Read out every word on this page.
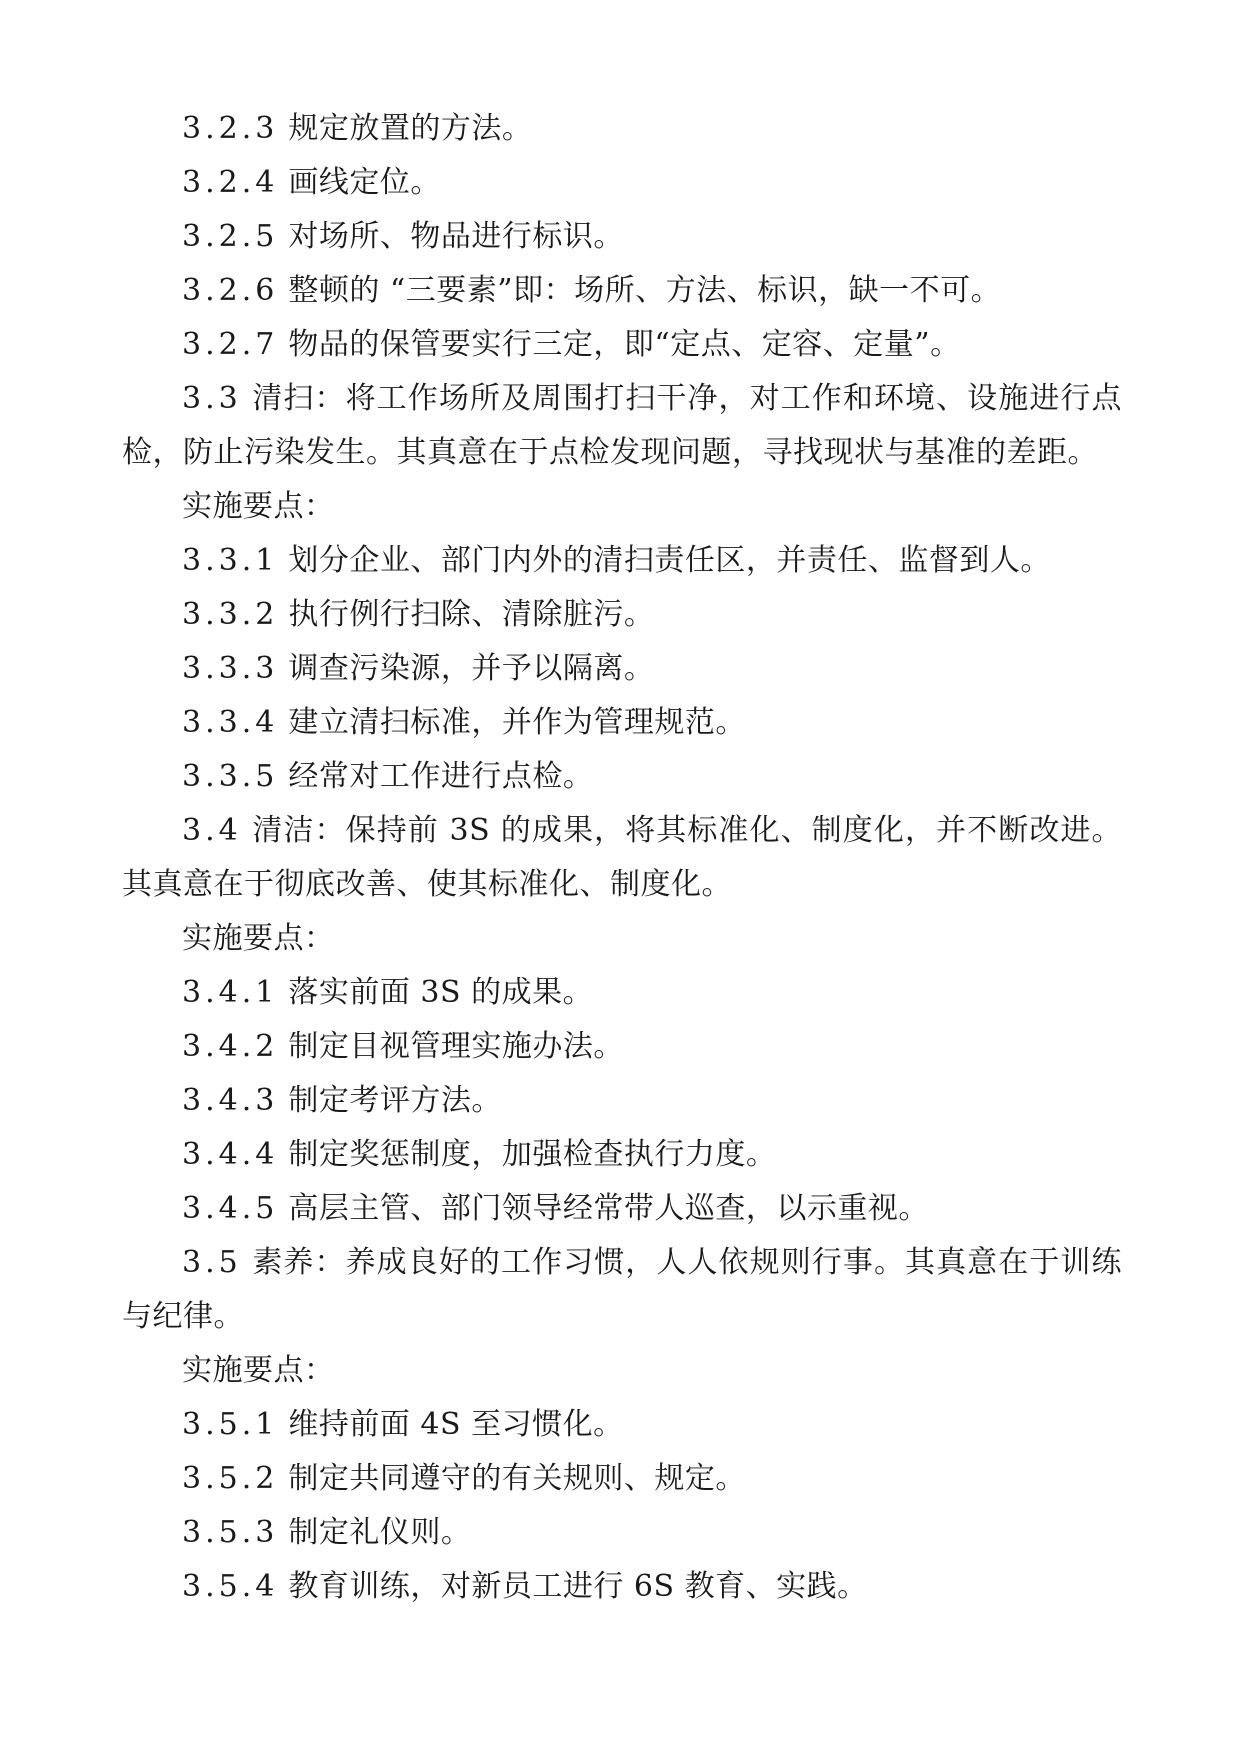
3.2.3 规定放置的方法。

3.2.4 画线定位。

3.2.5 对场所、物品进行标识。

3.2.6 整顿的 “三要素”即：场所、方法、标识，缺一不可。

3.2.7 物品的保管要实行三定，即“定点、定容、定量”。

3.3 清扫：将工作场所及周围打扫干净，对工作和环境、设施进行点检，防止污染发生。其真意在于点检发现问题，寻找现状与基准的差距。

实施要点：

3.3.1 划分企业、部门内外的清扫责任区，并责任、监督到人。

3.3.2 执行例行扫除、清除脏污。

3.3.3 调查污染源，并予以隔离。

3.3.4 建立清扫标准，并作为管理规范。

3.3.5 经常对工作进行点检。

3.4 清洁：保持前 3S 的成果，将其标准化、制度化，并不断改进。其真意在于彻底改善、使其标准化、制度化。

实施要点：

3.4.1 落实前面 3S 的成果。

3.4.2 制定目视管理实施办法。

3.4.3 制定考评方法。

3.4.4 制定奖惩制度，加强检查执行力度。

3.4.5 高层主管、部门领导经常带人巡查，以示重视。

3.5 素养：养成良好的工作习惯，人人依规则行事。其真意在于训练与纪律。

实施要点：

3.5.1 维持前面 4S 至习惯化。

3.5.2 制定共同遵守的有关规则、规定。

3.5.3 制定礼仪则。

3.5.4 教育训练，对新员工进行 6S 教育、实践。
